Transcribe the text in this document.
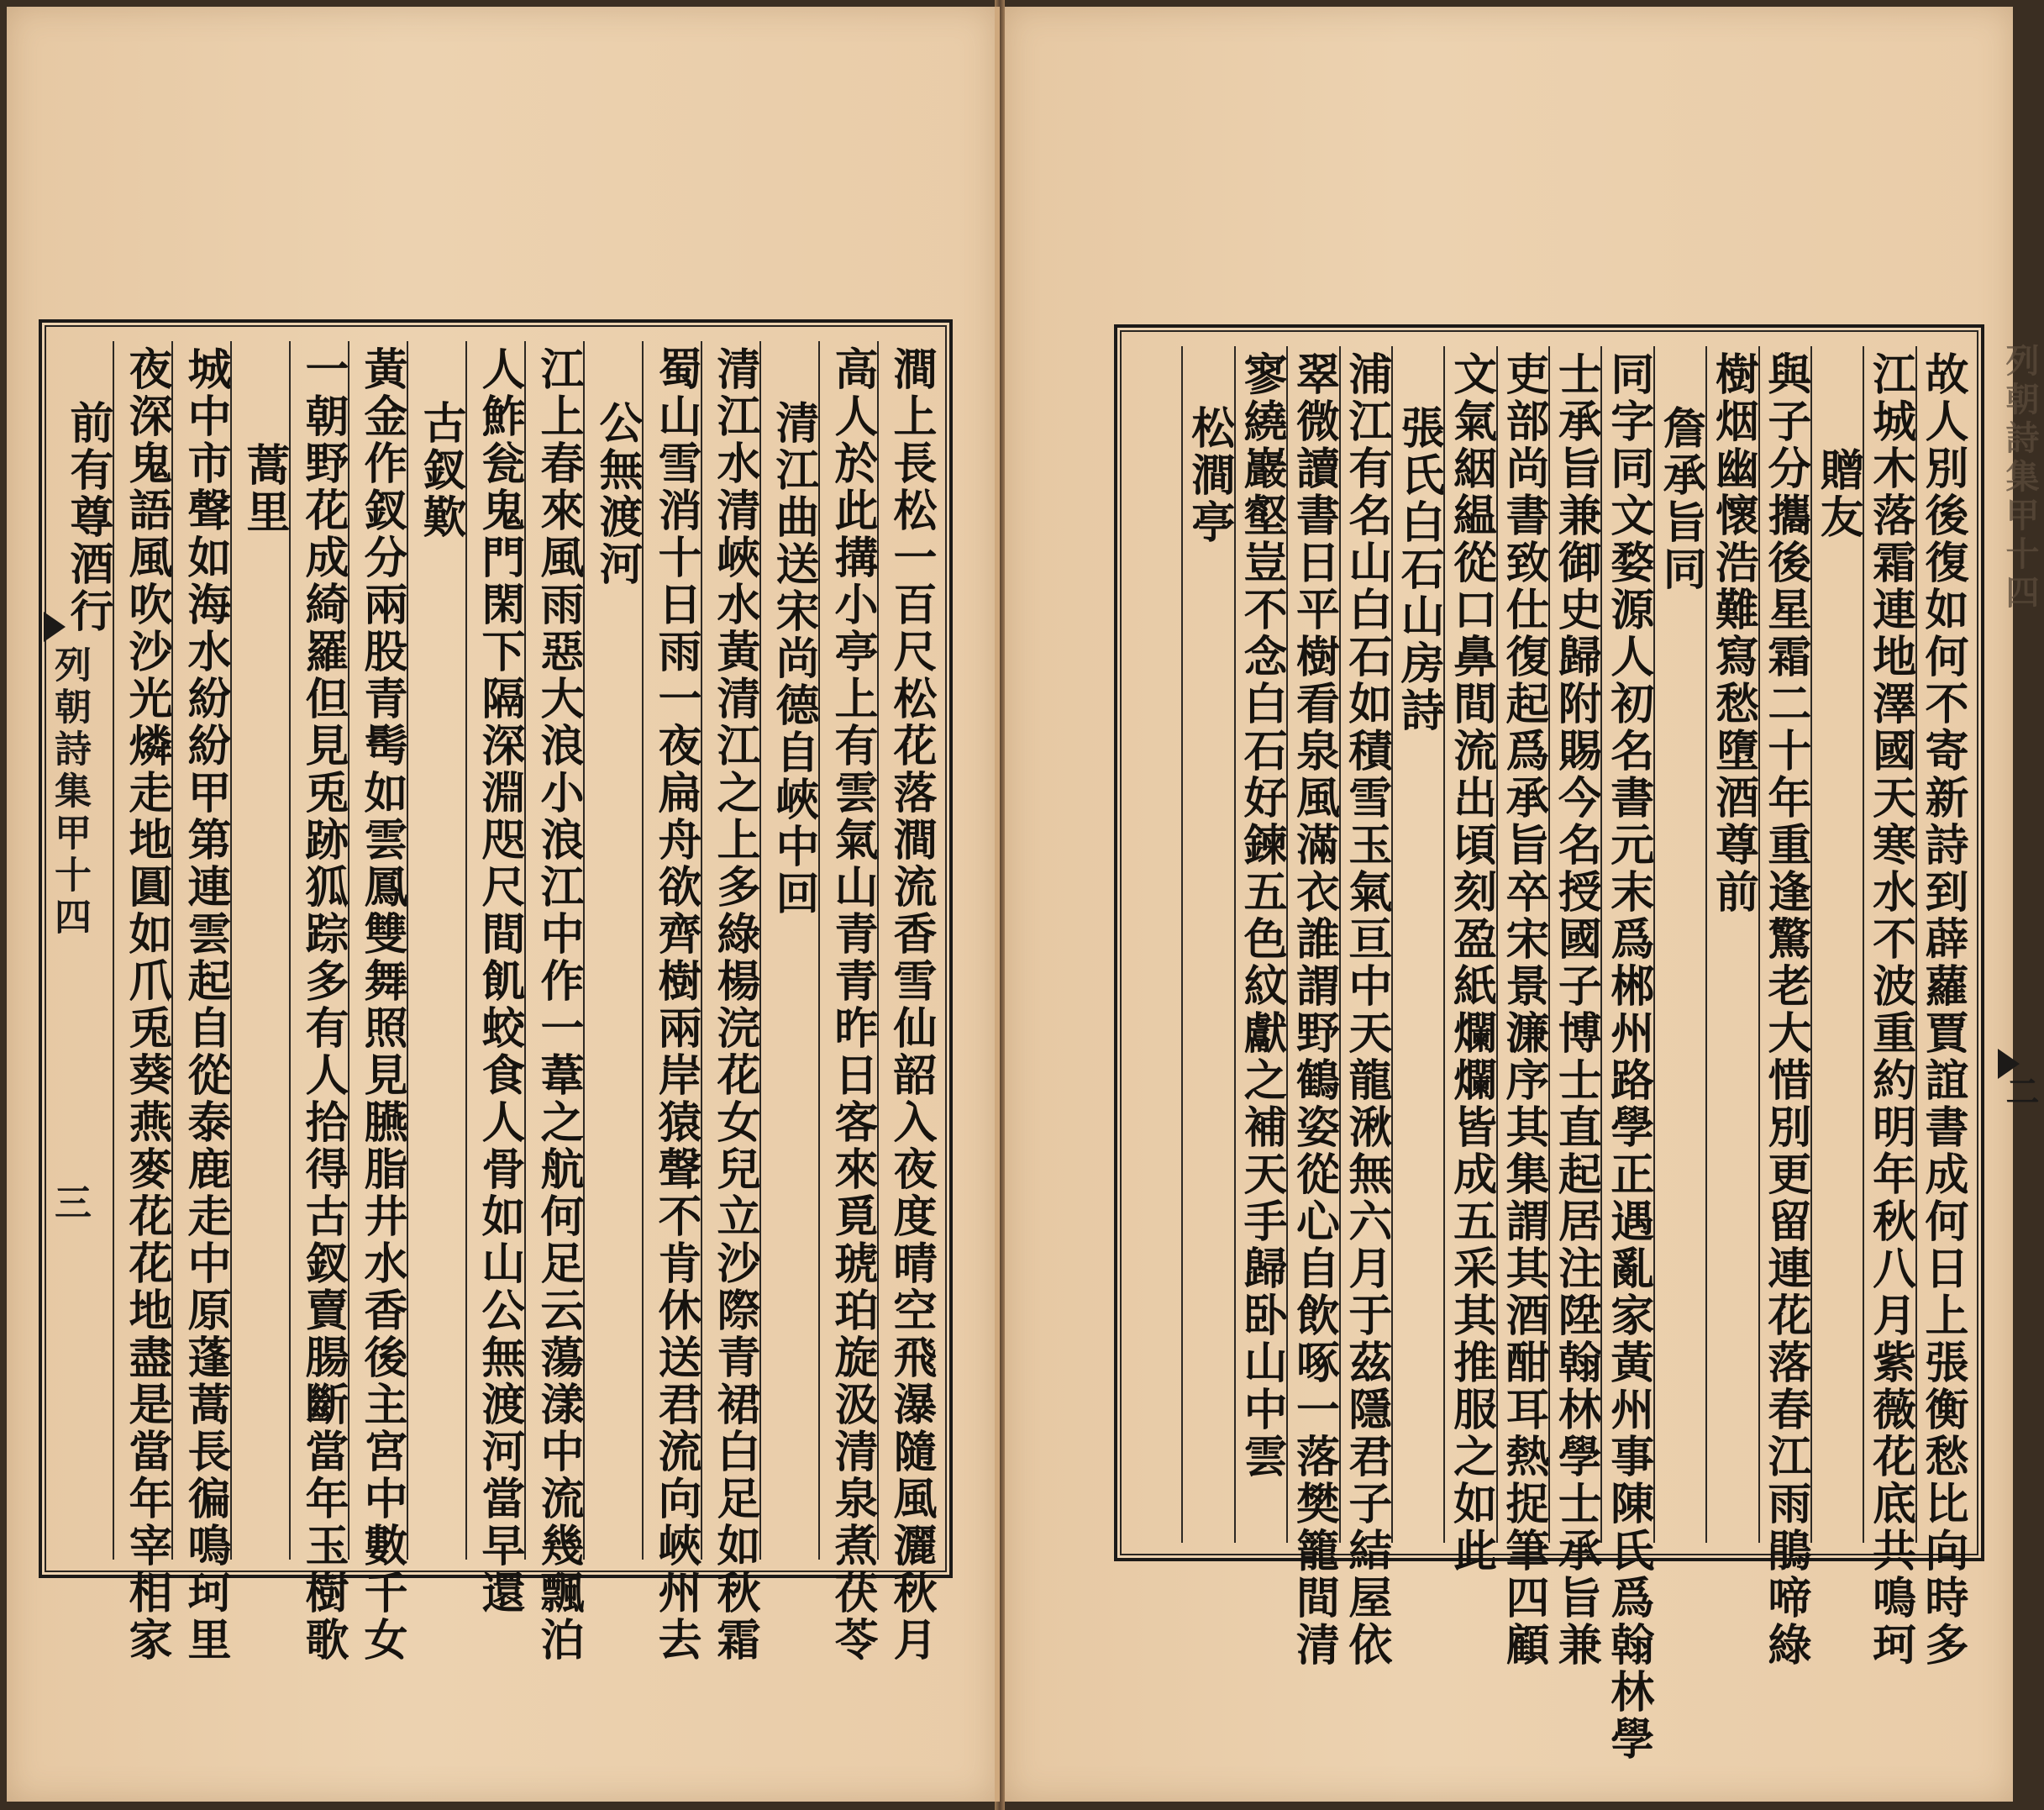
故人別後復如何不寄新詩到薜蘿賈誼書成何日上張衡愁比向時多
江城木落霜連地澤國天寒水不波重約明年秋八月紫薇花底共鳴珂
贈友
與子分攜後星霜二十年重逢驚老大惜別更留連花落春江雨鵑啼綠
樹烟幽懷浩難寫愁墮酒尊前
詹承旨同
同字同文婺源人初名書元末爲郴州路學正遇亂家黃州事陳氏爲翰林學
士承旨兼御史歸附賜今名授國子博士直起居注陞翰林學士承旨兼
吏部尚書致仕復起爲承旨卒宋景濂序其集謂其酒酣耳熱捉筆四顧
文氣絪緼從口鼻間流出頃刻盈紙爛爛皆成五采其推服之如此
張氏白石山房詩
浦江有名山白石如積雪玉氣亘中天龍湫無六月于茲隱君子結屋依
翠微讀書日平樹看泉風滿衣誰謂野鶴姿從心自飲啄一落樊籠間清
寥繞巖壑豈不念白石好鍊五色紋獻之補天手歸卧山中雲
松澗亭	列朝詩集甲十四
二
澗上長松一百尺松花落澗流香雪仙韶入夜度晴空飛瀑隨風灑秋月
高人於此搆小亭上有雲氣山青青昨日客來覓琥珀旋汲清泉煮茯苓
清江曲送宋尚德自峽中回
清江水清峽水黃清江之上多綠楊浣花女兒立沙際青裙白足如秋霜
蜀山雪消十日雨一夜扁舟欲齊樹兩岸猿聲不肯休送君流向峽州去
公無渡河
江上春來風雨惡大浪小浪江中作一葦之航何足云蕩漾中流幾飄泊
人鮓瓮鬼門閑下隔深淵咫尺間飢蛟食人骨如山公無渡河當早還
古釵歎
黃金作釵分兩股青髩如雲鳳雙舞照見臙脂井水香後主宮中數千女
一朝野花成綺羅但見兎跡狐踪多有人拾得古釵賣腸斷當年玉樹歌
蒿里
城中市聲如海水紛紛甲第連雲起自從泰鹿走中原蓬蒿長徧鳴珂里
夜深鬼語風吹沙光燐走地圓如爪兎葵燕麥花花地盡是當年宰相家
前有尊酒行
列朝詩集甲十四
三
